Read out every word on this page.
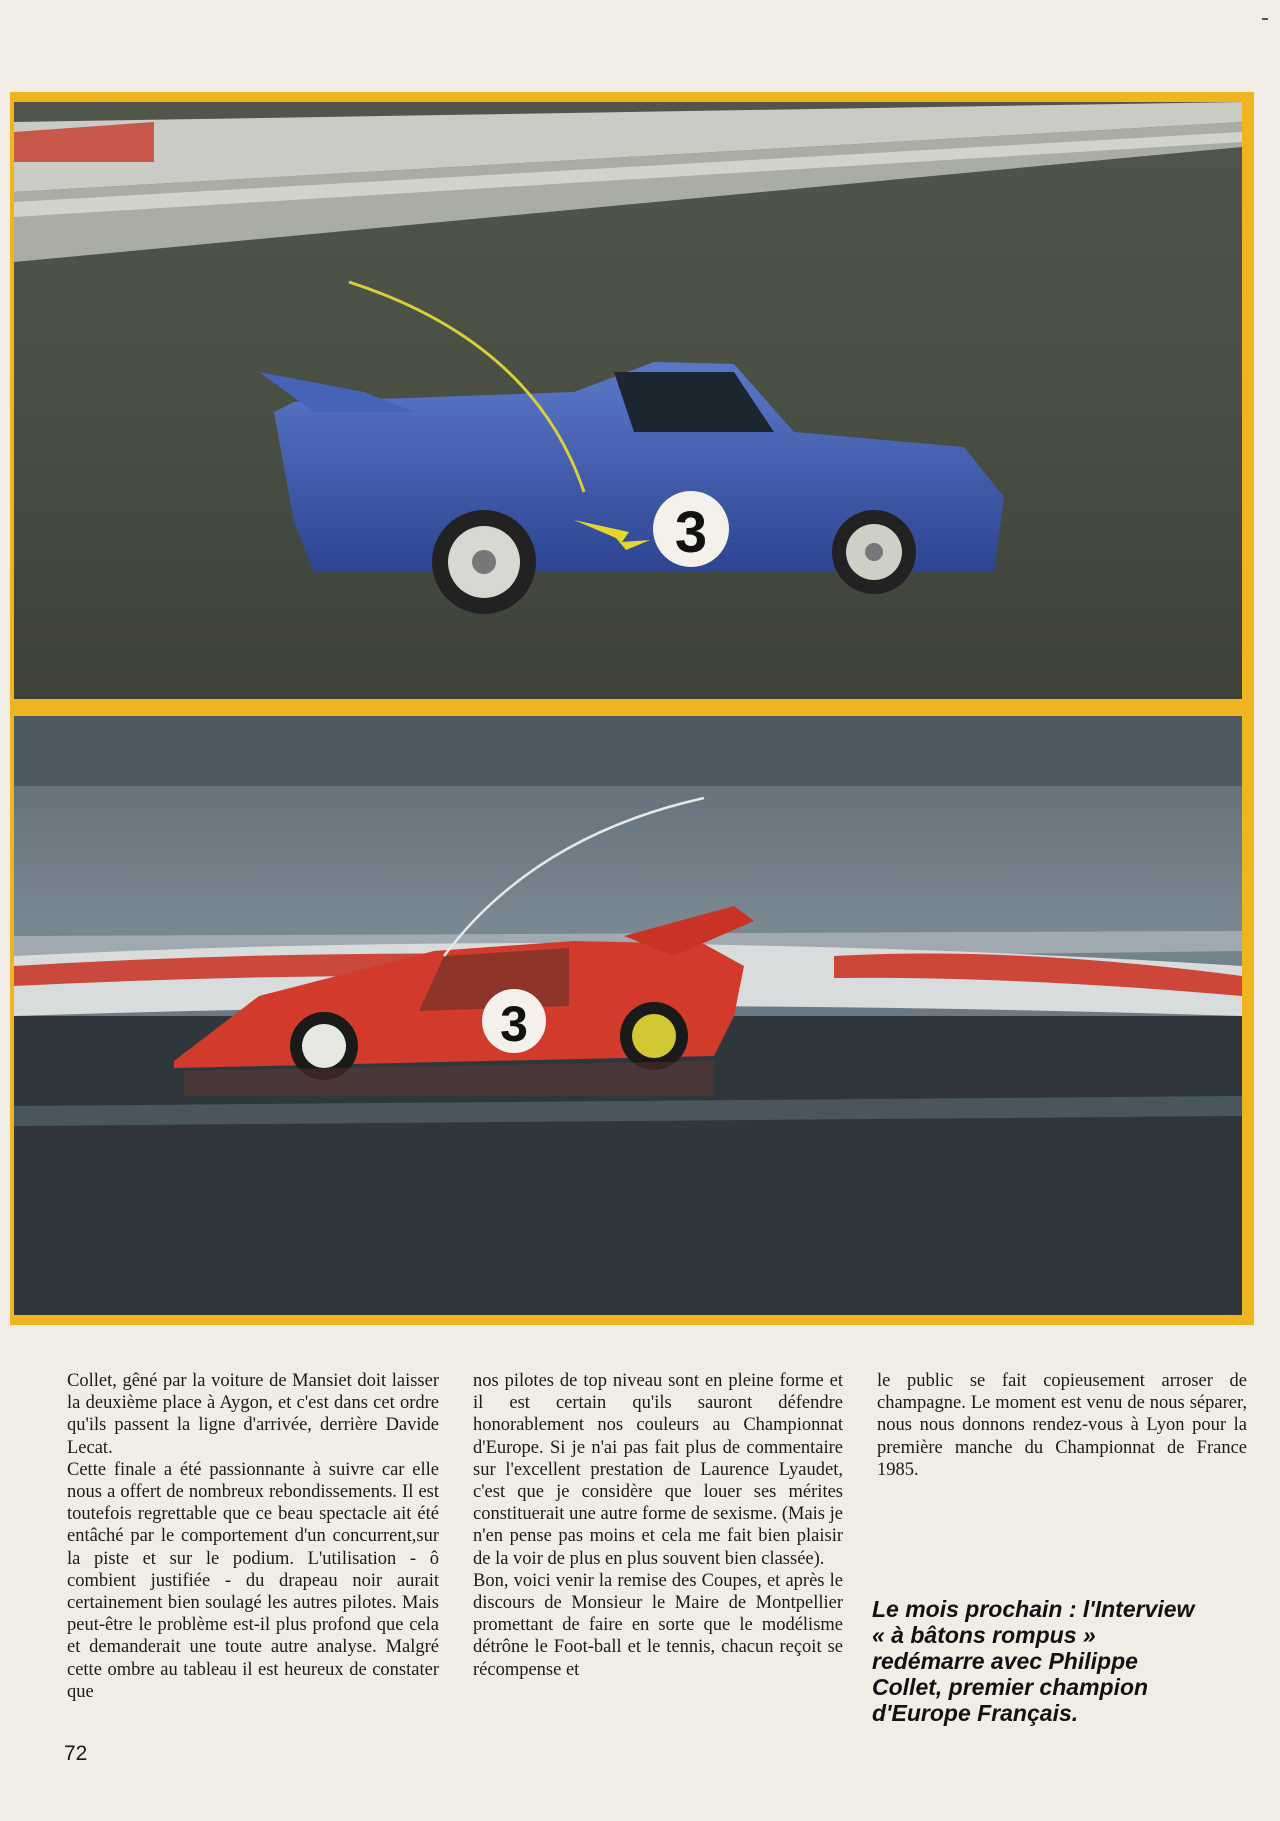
3
3

Collet, gêné par la voiture de Mansiet doit laisser la deuxième place à Aygon, et c'est dans cet ordre qu'ils passent la ligne d'arrivée, derrière Davide Lecat.

Cette finale a été passionnante à suivre car elle nous a offert de nombreux rebondissements. Il est toutefois regrettable que ce beau spectacle ait été entâché par le comportement d'un concurrent,sur la piste et sur le podium. L'utilisation - ô combient justifiée - du drapeau noir aurait certainement bien soulagé les autres pilotes. Mais peut-être le problème est-il plus profond que cela et demanderait une toute autre analyse. Malgré cette ombre au tableau il est heureux de constater que

nos pilotes de top niveau sont en pleine forme et il est certain qu'ils sauront défendre honorablement nos couleurs au Championnat d'Europe. Si je n'ai pas fait plus de commentaire sur l'excellent prestation de Laurence Lyaudet, c'est que je considère que louer ses mérites constituerait une autre forme de sexisme. (Mais je n'en pense pas moins et cela me fait bien plaisir de la voir de plus en plus souvent bien classée).

Bon, voici venir la remise des Coupes, et après le discours de Monsieur le Maire de Montpellier promettant de faire en sorte que le modélisme détrône le Foot-ball et le tennis, chacun reçoit se récompense et

le public se fait copieusement arroser de champagne. Le moment est venu de nous séparer, nous nous donnons rendez-vous à Lyon pour la première manche du Championnat de France 1985.

Le mois prochain : l'Interview « à bâtons rompus » redémarre avec Philippe Collet, premier champion d'Europe Français.
72
